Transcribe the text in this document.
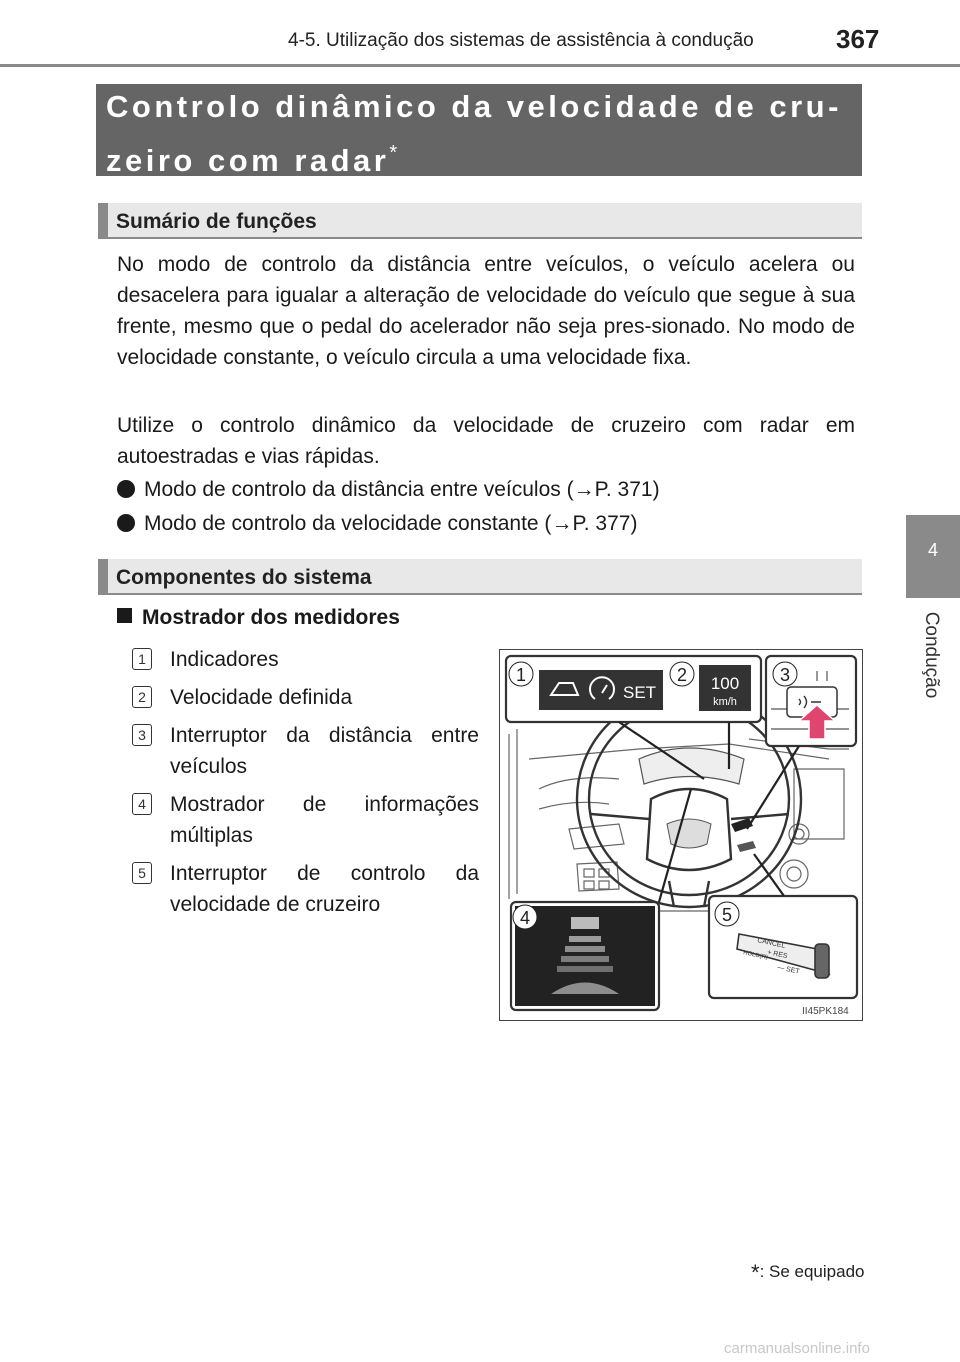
4-5. Utilização dos sistemas de assistência à condução	367
4
Condução
Controlo dinâmico da velocidade de cru-
zeiro com radar*
Sumário de funções
No modo de controlo da distância entre veículos, o veículo acelera ou desacelera para igualar a alteração de velocidade do veículo que segue à sua frente, mesmo que o pedal do acelerador não seja pres-sionado. No modo de velocidade constante, o veículo circula a uma velocidade fixa.
Utilize o controlo dinâmico da velocidade de cruzeiro com radar em autoestradas e vias rápidas.
Modo de controlo da distância entre veículos (→P. 371)
Modo de controlo da velocidade constante (→P. 377)
Componentes do sistema
Mostrador dos medidores
1 Indicadores
2 Velocidade definida
3 Interruptor da distância entre veículos
4 Mostrador de informações múltiplas
5 Interruptor de controlo da velocidade de cruzeiro
SET	100
km/h
CANCEL
+ RES
HOLD(R)
— SET
1	2	3
4	5
II45PK184
*: Se equipado
carmanualsonline.info
